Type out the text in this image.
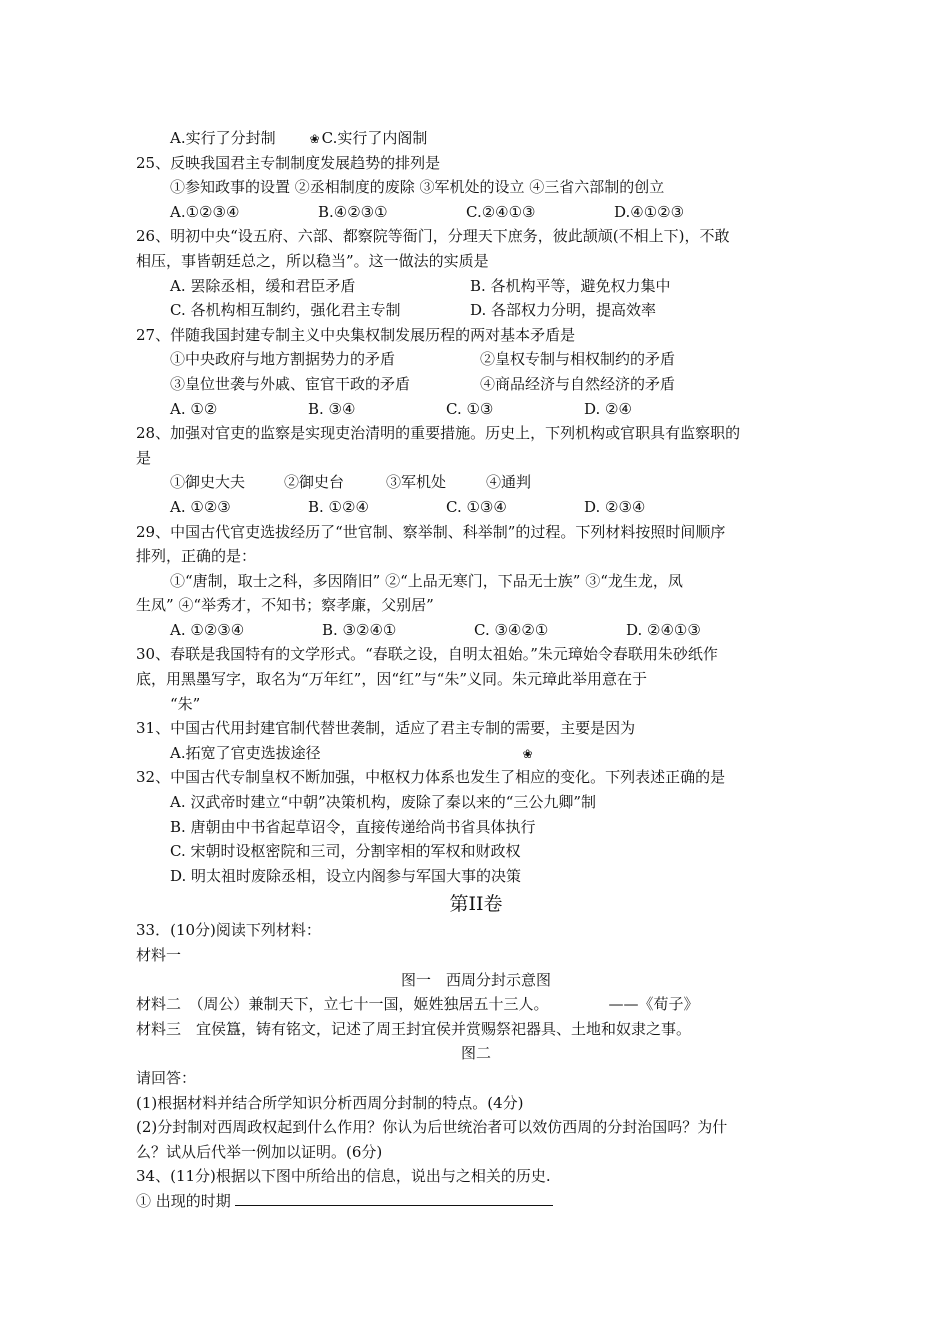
A.实行了分封制	❀ C.实行了内阁制
25、反映我国君主专制制度发展趋势的排列是
①参知政事的设置 ②丞相制度的废除 ③军机处的设立 ④三省六部制的创立
A.①②③④	B.④②③①	C.②④①③	D.④①②③
26、明初中央“设五府、六部、都察院等衙门，分理天下庶务，彼此颉颃(不相上下)，不敢
相压，事皆朝廷总之，所以稳当”。这一做法的实质是
A. 罢除丞相，缓和君臣矛盾	B. 各机构平等，避免权力集中
C. 各机构相互制约，强化君主专制	D. 各部权力分明，提高效率
27、伴随我国封建专制主义中央集权制发展历程的两对基本矛盾是
①中央政府与地方割据势力的矛盾	②皇权专制与相权制约的矛盾
③皇位世袭与外戚、宦官干政的矛盾	④商品经济与自然经济的矛盾
A. ①②	B. ③④	C. ①③	D. ②④
28、加强对官吏的监察是实现吏治清明的重要措施。历史上，下列机构或官职具有监察职的
是
①御史大夫	②御史台	③军机处	④通判
A. ①②③	B. ①②④	C. ①③④	D. ②③④
29、中国古代官吏选拔经历了“世官制、察举制、科举制”的过程。下列材料按照时间顺序
排列，正确的是：
①“唐制，取士之科，多因隋旧” ②“上品无寒门，下品无士族” ③“龙生龙，凤
生凤” ④“举秀才，不知书；察孝廉，父别居”
A. ①②③④	B. ③②④①	C. ③④②①	D. ②④①③
30、春联是我国特有的文学形式。“春联之设，自明太祖始。”朱元璋始令春联用朱砂纸作
底，用黑墨写字，取名为“万年红”，因“红”与“朱”义同。朱元璋此举用意在于
“朱”
31、中国古代用封建官制代替世袭制，适应了君主专制的需要，主要是因为
A.拓宽了官吏选拔途径	❀
32、中国古代专制皇权不断加强，中枢权力体系也发生了相应的变化。下列表述正确的是
A. 汉武帝时建立“中朝”决策机构，废除了秦以来的“三公九卿”制
B. 唐朝由中书省起草诏令，直接传递给尚书省具体执行
C. 宋朝时设枢密院和三司，分割宰相的军权和财政权
D. 明太祖时废除丞相，设立内阁参与军国大事的决策
第II卷
33．(10分)阅读下列材料：
材料一
图一　西周分封示意图
材料二　（周公）兼制天下，立七十一国，姬姓独居五十三人。	——《荀子》
材料三　宜侯簋，铸有铭文，记述了周王封宜侯并赏赐祭祀器具、土地和奴隶之事。
图二
请回答：
(1)根据材料并结合所学知识分析西周分封制的特点。(4分)
(2)分封制对西周政权起到什么作用？你认为后世统治者可以效仿西周的分封治国吗？为什
么？试从后代举一例加以证明。(6分)
34、(11分)根据以下图中所给出的信息，说出与之相关的历史.
① 出现的时期
